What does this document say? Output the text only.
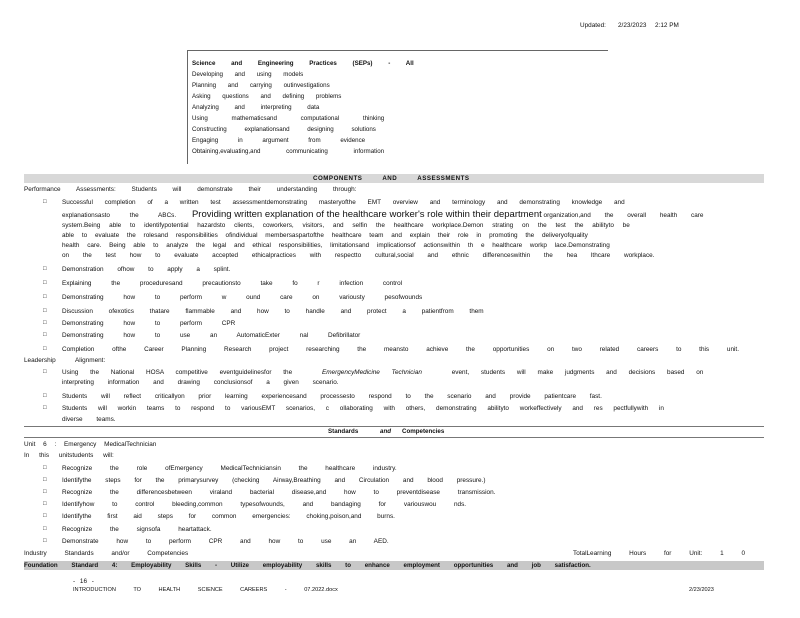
Updated: 2/23/2023 2:12 PM
Science and Engineering Practices (SEPs) - All
Developing and using models
Planning and carrying outinvestigations
Asking questions and defining problems
Analyzing and interpreting data
Using mathematicsand computational thinking
Constructing explanationsand designing solutions
Engaging in argument from evidence
Obtaining,evaluating,and communicating information
COMPONENTS AND ASSESSMENTS
Performance Assessments: Students will demonstrate their understanding through:
□ Successful completion of a written test assessmentdemonstrating masteryofthe EMT overview and terminology and demonstrating knowledge and
explanationsasto the ABCs. Providing written explanation of the healthcare worker's role within their department organization,and the overall health care
system.Being able to identifypotential hazardsto clients, coworkers, visitors, and selfin the healthcare workplace.Demon strating on the test the abilityto be
able to evaluate the rolesand responsibilities ofindividual membersaspartofthe healthcare team and explain their role in promoting the deliveryofquality
health care. Being able to analyze the legal and ethical responsibilities, limitationsand implicationsof actionswithin th e healthcare workp lace.Demonstrating
on the test how to evaluate accepted ethicalpractices with respectto cultural,social and ethnic differenceswithin the hea lthcare workplace.
□ Demonstration ofhow to apply a splint.
□ Explaining the proceduresand precautionsto take fo r infection control
□ Demonstrating how to perform w ound care on variousty pesofwounds
□ Discussion ofexotics thatare flammable and how to handle and protect a patientfrom them
□ Demonstrating how to perform CPR
□ Demonstrating how to use an AutomaticExter nal Defibrillator
□ Completion ofthe Career Planning Research project researching the meansto achieve the opportunities on two related careers to this unit.
Leadership Alignment:
□ Using the National HOSA competitive eventguidelinesfor the	EmergencyMedicine Technician	event, students will make judgments and decisions based on
interpreting information and drawing conclusionsof a given scenario.
□ Students will reflect criticallyon prior learning experiencesand processesto respond to the scenario and provide patientcare fast.
□ Students will workin teams to respond to variousEMT scenarios, c ollaborating with others, demonstrating abilityto workeffectively and res pectfullywith in
diverse teams.
Standards	and Competencies
Unit 6 : Emergency MedicalTechnician
In this unitstudents will:
□ Recognize the role ofEmergency MedicalTechniciansin the healthcare industry.
□ Identifythe steps for the primarysurvey (checking Airway,Breathing and Circulation and blood pressure.)
□ Recognize the differencesbetween viraland bacterial disease,and how to preventdisease transmission.
□ Identifyhow to control bleeding,common typesofwounds, and bandaging for variouswou nds.
□ Identifythe first aid steps for common emergencies: choking,poison,and burns.
□ Recognize the signsofa heartattack.
□ Demonstrate how to perform CPR and how to use an AED.
Industry Standards and/or Competencies	TotalLearning Hours for Unit: 1 0
Foundation Standard 4: Employability Skills - Utilize employability skills to enhance employment opportunities and job satisfaction.
- 16 -
INTRODUCTION TO HEALTH SCIENCE CAREERS - 07.2022.docx	2/23/2023
